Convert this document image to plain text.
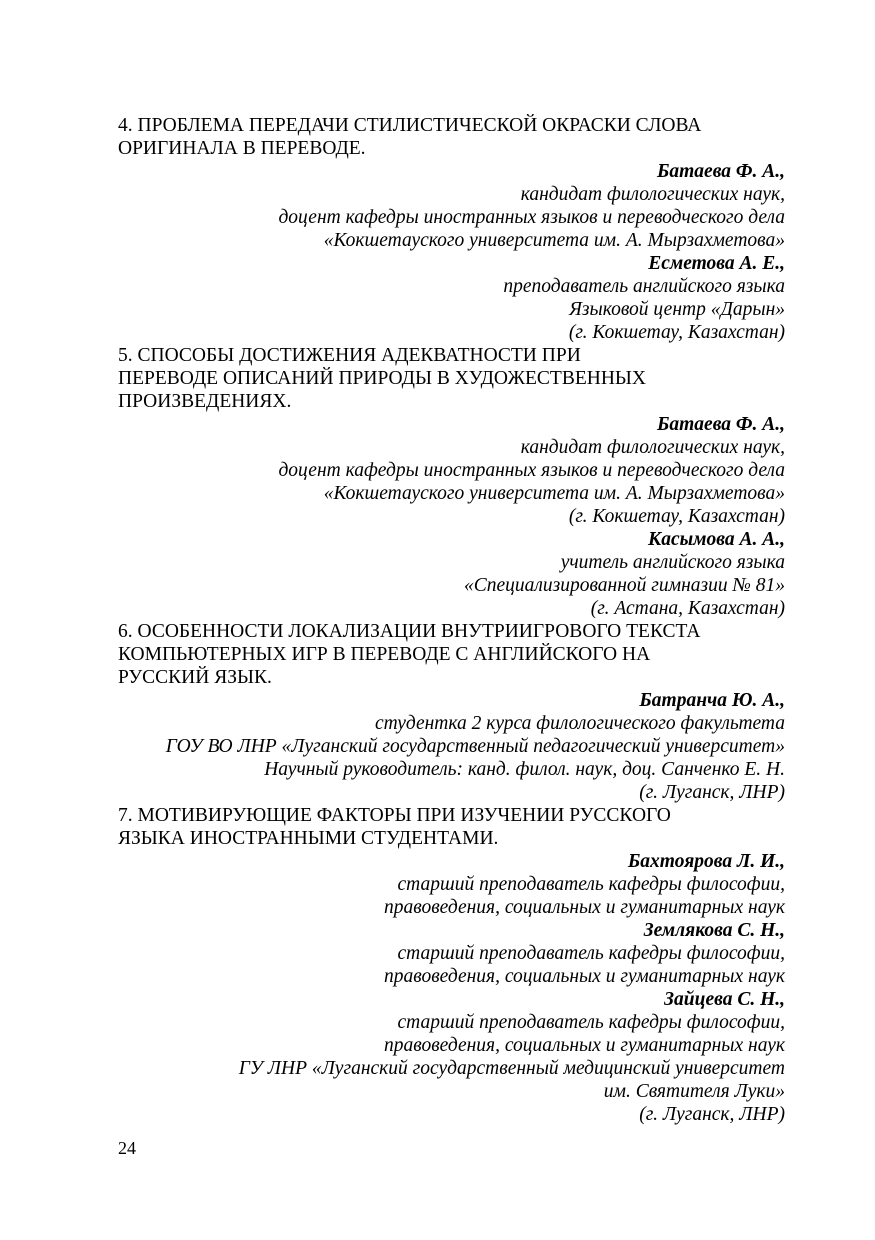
4. ПРОБЛЕМА ПЕРЕДАЧИ СТИЛИСТИЧЕСКОЙ ОКРАСКИ СЛОВА
ОРИГИНАЛА В ПЕРЕВОДЕ.
Батаева Ф. А.,
кандидат филологических наук,
доцент кафедры иностранных языков и переводческого дела
«Кокшетауского университета им. А. Мырзахметова»
Есметова А. Е.,
преподаватель английского языка
Языковой центр «Дарын»
(г. Кокшетау, Казахстан)
5. СПОСОБЫ ДОСТИЖЕНИЯ АДЕКВАТНОСТИ ПРИ
ПЕРЕВОДЕ ОПИСАНИЙ ПРИРОДЫ В ХУДОЖЕСТВЕННЫХ
ПРОИЗВЕДЕНИЯХ.
Батаева Ф. А.,
кандидат филологических наук,
доцент кафедры иностранных языков и переводческого дела
«Кокшетауского университета им. А. Мырзахметова»
(г. Кокшетау, Казахстан)
Касымова А. А.,
учитель английского языка
«Специализированной гимназии № 81»
(г. Астана, Казахстан)
6. ОСОБЕННОСТИ ЛОКАЛИЗАЦИИ ВНУТРИИГРОВОГО ТЕКСТА
КОМПЬЮТЕРНЫХ ИГР В ПЕРЕВОДЕ С АНГЛИЙСКОГО НА
РУССКИЙ ЯЗЫК.
Батранча Ю. А.,
студентка 2 курса филологического факультета
ГОУ ВО ЛНР «Луганский государственный педагогический университет»
Научный руководитель: канд. филол. наук, доц. Санченко Е. Н.
(г. Луганск, ЛНР)
7. МОТИВИРУЮЩИЕ ФАКТОРЫ ПРИ ИЗУЧЕНИИ РУССКОГО
ЯЗЫКА ИНОСТРАННЫМИ СТУДЕНТАМИ.
Бахтоярова Л. И.,
старший преподаватель кафедры философии,
правоведения, социальных и гуманитарных наук
Землякова С. Н.,
старший преподаватель кафедры философии,
правоведения, социальных и гуманитарных наук
Зайцева С. Н.,
старший преподаватель кафедры философии,
правоведения, социальных и гуманитарных наук
ГУ ЛНР «Луганский государственный медицинский университет
им. Святителя Луки»
(г. Луганск, ЛНР)
24
